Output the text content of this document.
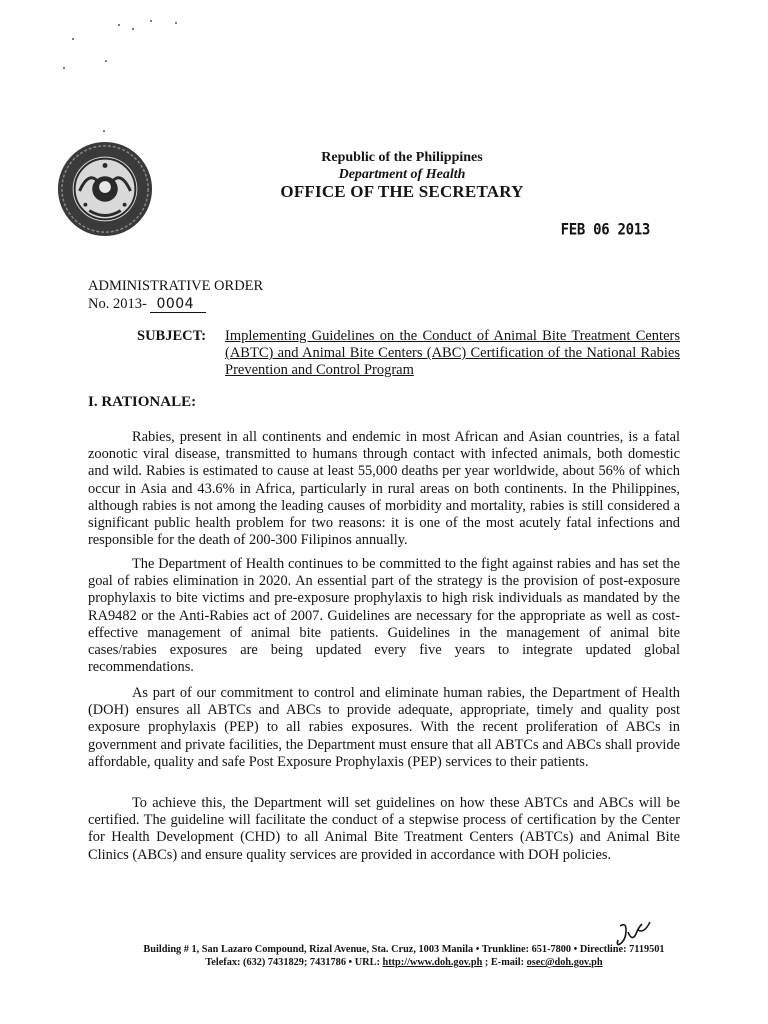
Republic of the Philippines
Department of Health
OFFICE OF THE SECRETARY
FEB 06 2013
ADMINISTRATIVE ORDER
No. 2013- 0004
SUBJECT: Implementing Guidelines on the Conduct of Animal Bite Treatment Centers (ABTC) and Animal Bite Centers (ABC) Certification of the National Rabies Prevention and Control Program
I. RATIONALE:

Rabies, present in all continents and endemic in most African and Asian countries, is a fatal zoonotic viral disease, transmitted to humans through contact with infected animals, both domestic and wild. Rabies is estimated to cause at least 55,000 deaths per year worldwide, about 56% of which occur in Asia and 43.6% in Africa, particularly in rural areas on both continents. In the Philippines, although rabies is not among the leading causes of morbidity and mortality, rabies is still considered a significant public health problem for two reasons: it is one of the most acutely fatal infections and responsible for the death of 200-300 Filipinos annually.

The Department of Health continues to be committed to the fight against rabies and has set the goal of rabies elimination in 2020. An essential part of the strategy is the provision of post-exposure prophylaxis to bite victims and pre-exposure prophylaxis to high risk individuals as mandated by the RA9482 or the Anti-Rabies act of 2007. Guidelines are necessary for the appropriate as well as cost-effective management of animal bite patients. Guidelines in the management of animal bite cases/rabies exposures are being updated every five years to integrate updated global recommendations.

As part of our commitment to control and eliminate human rabies, the Department of Health (DOH) ensures all ABTCs and ABCs to provide adequate, appropriate, timely and quality post exposure prophylaxis (PEP) to all rabies exposures. With the recent proliferation of ABCs in government and private facilities, the Department must ensure that all ABTCs and ABCs shall provide affordable, quality and safe Post Exposure Prophylaxis (PEP) services to their patients.

To achieve this, the Department will set guidelines on how these ABTCs and ABCs will be certified. The guideline will facilitate the conduct of a stepwise process of certification by the Center for Health Development (CHD) to all Animal Bite Treatment Centers (ABTCs) and Animal Bite Clinics (ABCs) and ensure quality services are provided in accordance with DOH policies.

Building # 1, San Lazaro Compound, Rizal Avenue, Sta. Cruz, 1003 Manila • Trunkline: 651-7800 • Directline: 7119501
Telefax: (632) 7431829; 7431786 • URL: http://www.doh.gov.ph ; E-mail: osec@doh.gov.ph
